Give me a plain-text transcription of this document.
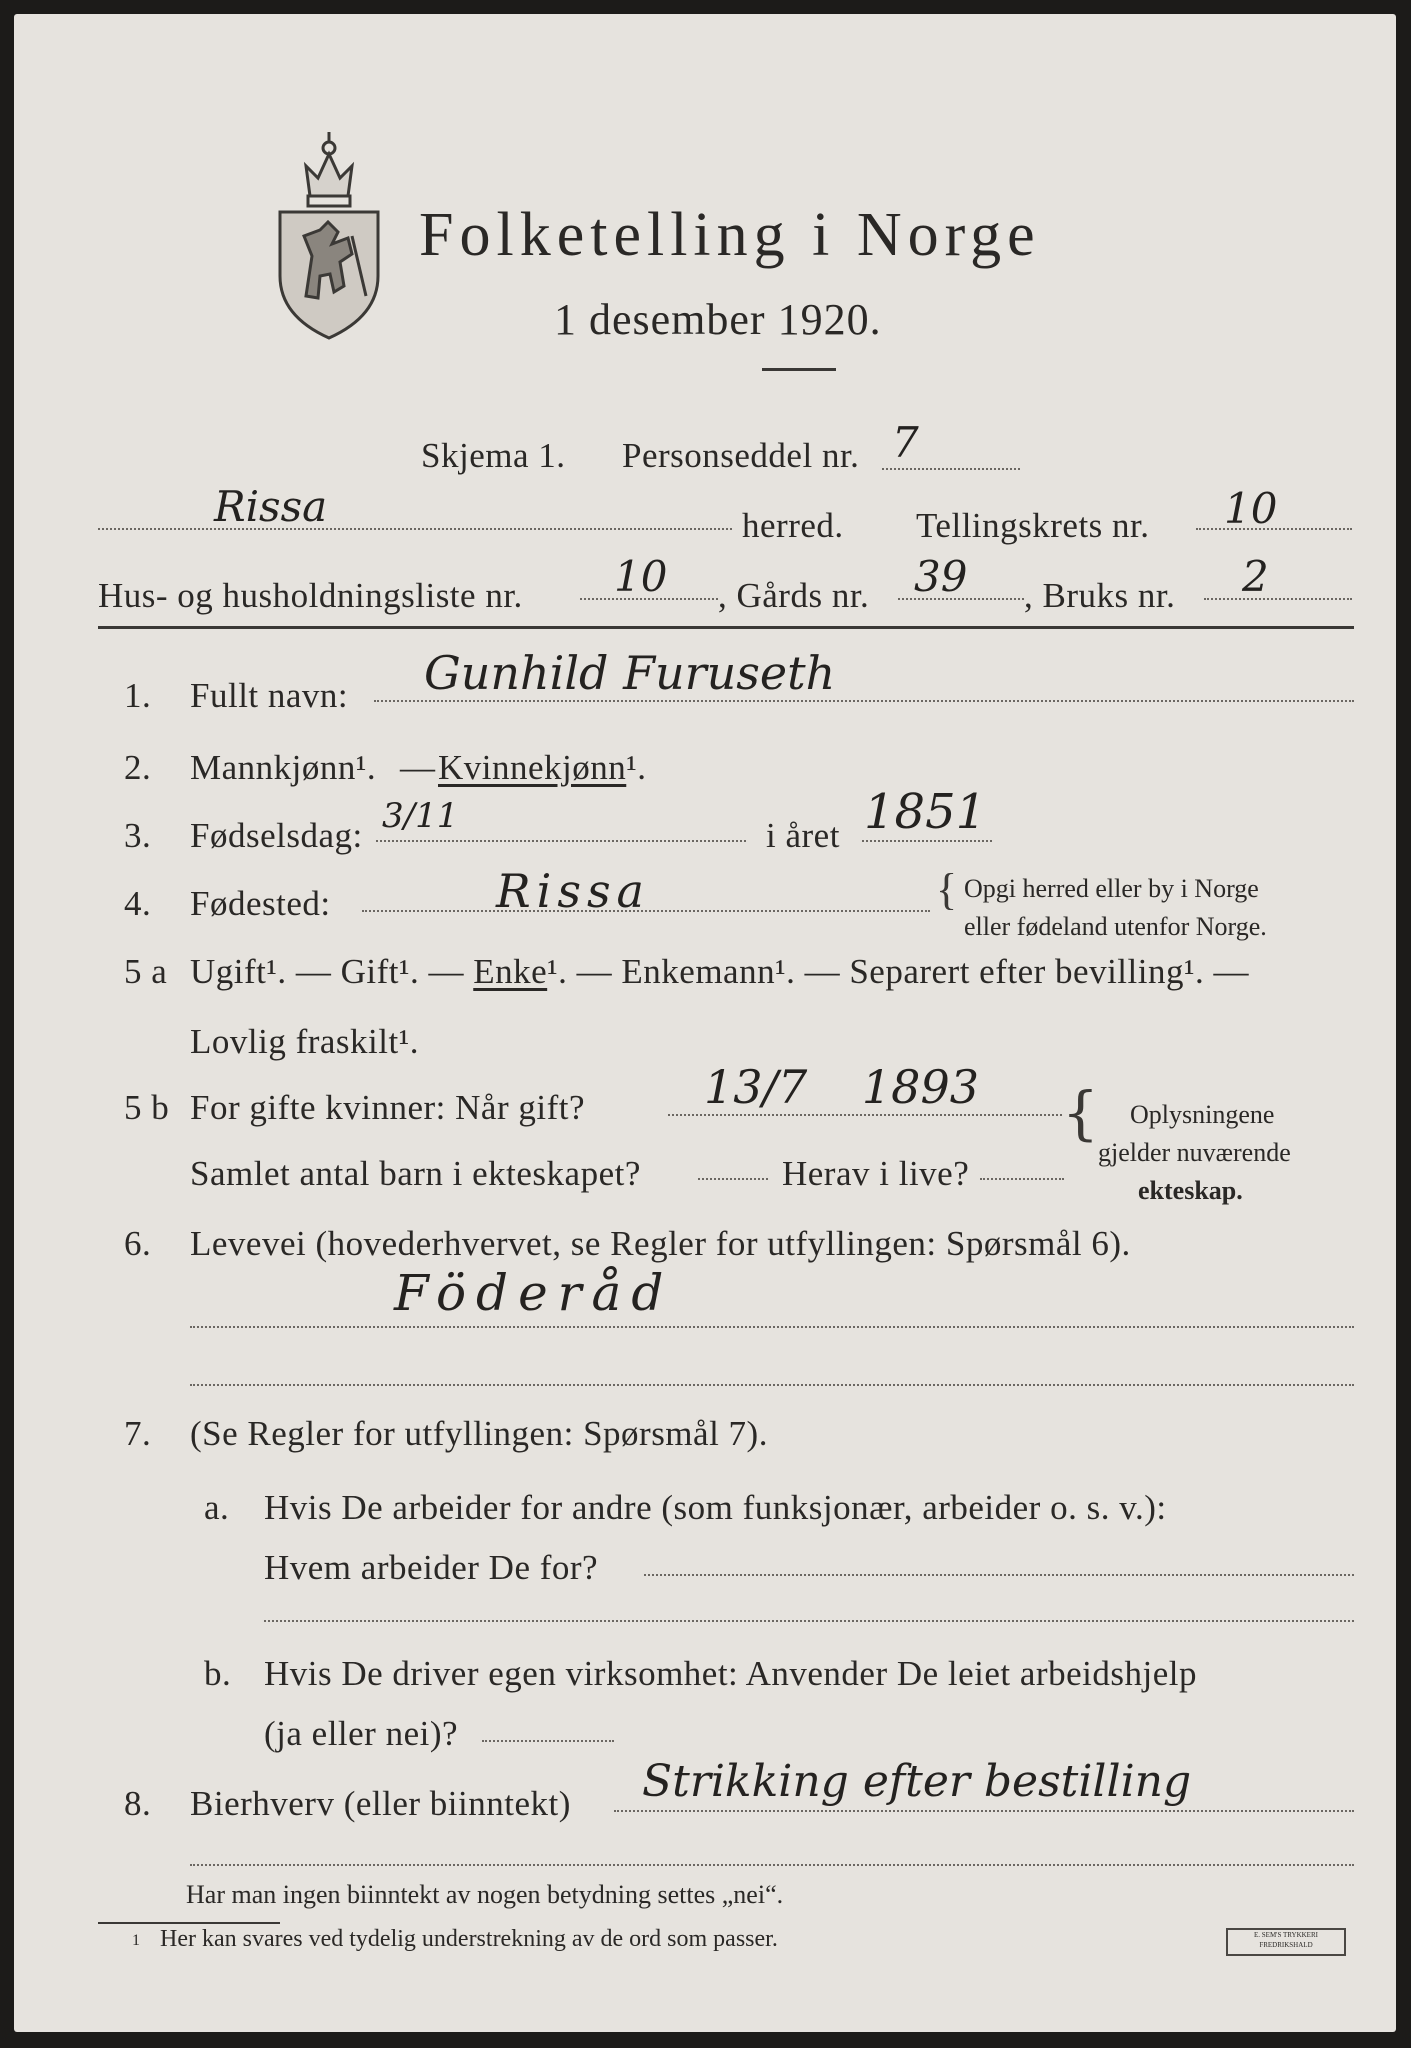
Folketelling i Norge
1 desember 1920.
Skjema 1. Personseddel nr. 7
Rissa	herred. Tellingskrets nr. 10
Hus- og husholdningsliste nr. 10 , Gårds nr. 39 , Bruks nr. 2
1. Fullt navn: Gunhild Furuseth
2. Mannkjønn¹. — Kvinnekjønn¹.
3. Fødselsdag: 3/11	i året 1851
4. Fødested:	Rissa	{ Opgi herred eller by i Norge
eller fødeland utenfor Norge.
5 a Ugift¹. — Gift¹. — Enke¹. — Enkemann¹. — Separert efter bevilling¹. —
Lovlig fraskilt¹.
5 b For gifte kvinner: Når gift?	13/7 1893
Samlet antal barn i ekteskapet?	Herav i live?
{ Oplysningene
gjelder nuværende
ekteskap.
6. Levevei (hovederhvervet, se Regler for utfyllingen: Spørsmål 6).
Föderåd
7. (Se Regler for utfyllingen: Spørsmål 7).
a. Hvis De arbeider for andre (som funksjonær, arbeider o. s. v.):
Hvem arbeider De for?
b. Hvis De driver egen virksomhet: Anvender De leiet arbeidshjelp
(ja eller nei)?
8. Bierhverv (eller biinntekt) Strikking efter bestilling
Har man ingen biinntekt av nogen betydning settes „nei“.
1 Her kan svares ved tydelig understrekning av de ord som passer.	E. SEM'S TRYKKERI FREDRIKSHALD
